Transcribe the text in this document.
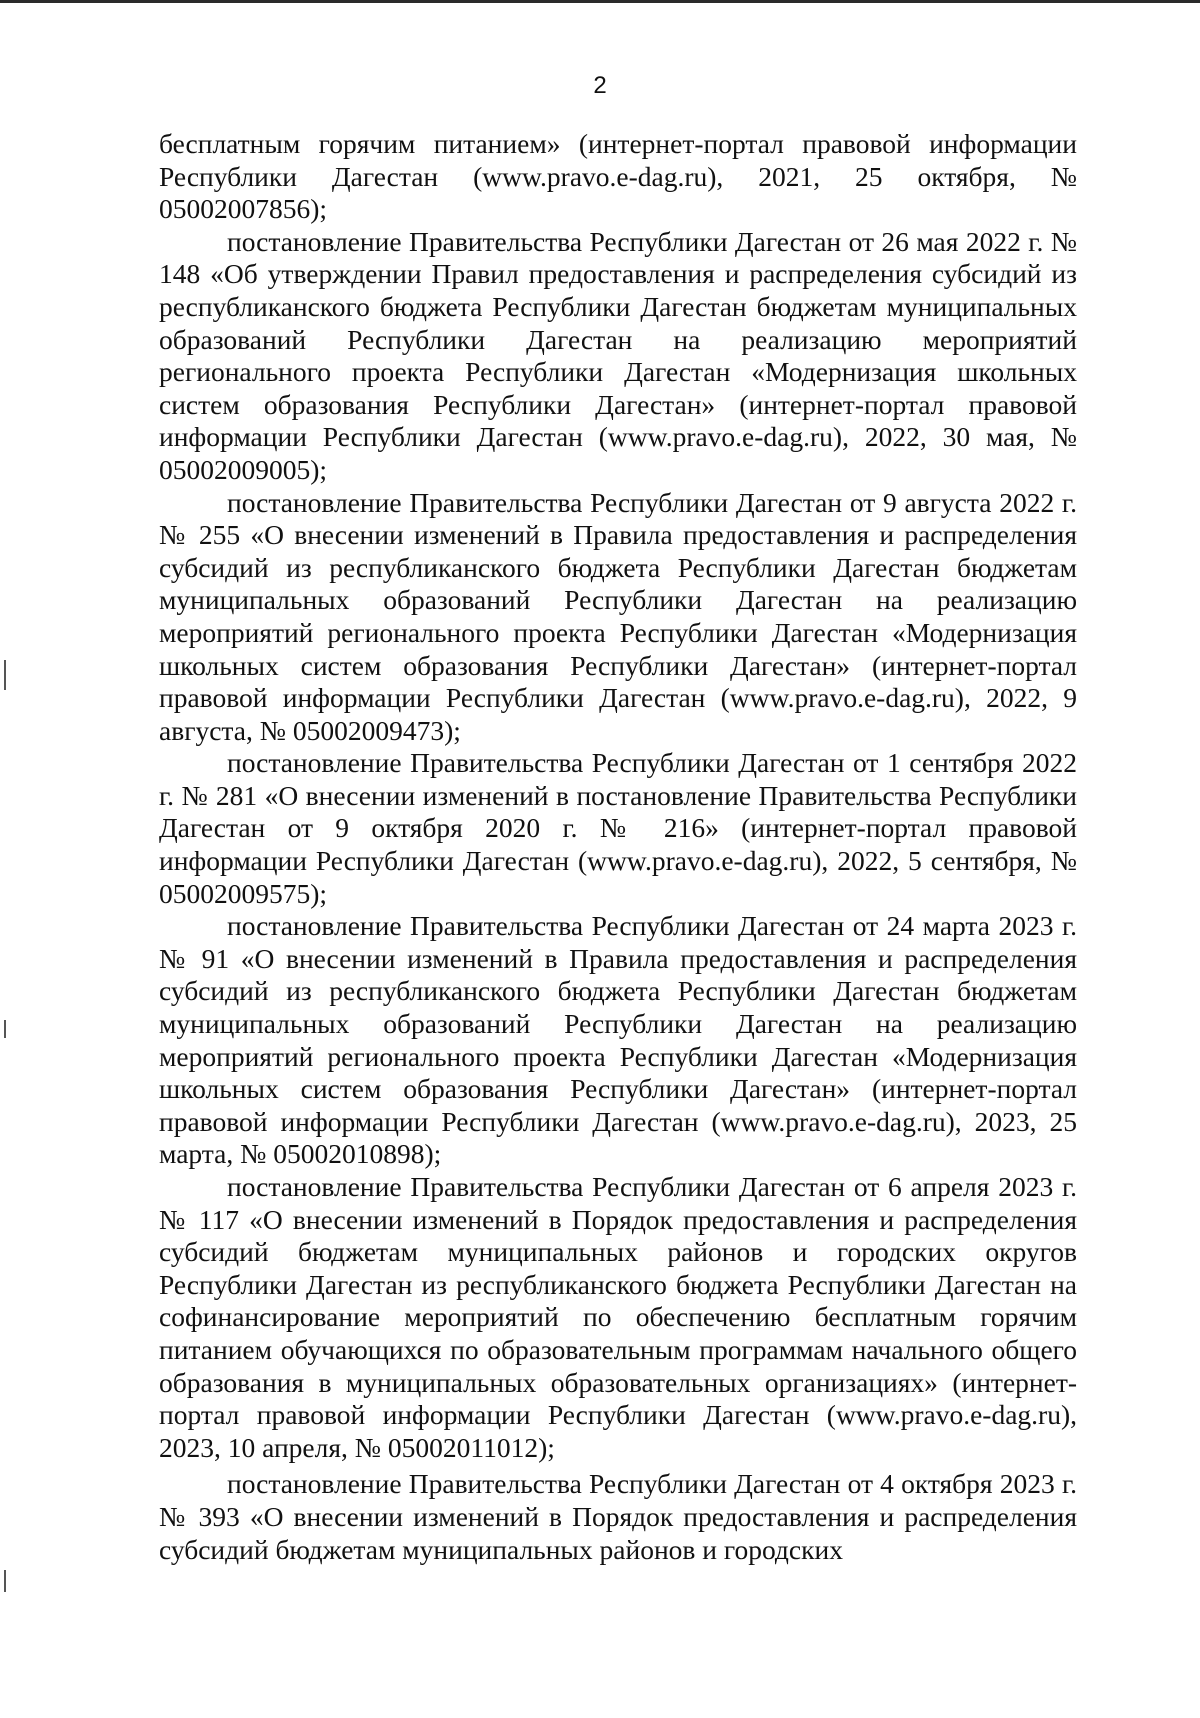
2

бесплатным горячим питанием» (интернет-портал правовой информации Республики Дагестан (www.pravo.e-dag.ru), 2021, 25 октября, № 05002007856);

постановление Правительства Республики Дагестан от 26 мая 2022 г. № 148 «Об утверждении Правил предоставления и распределения субсидий из республиканского бюджета Республики Дагестан бюджетам муниципальных образований Республики Дагестан на реализацию мероприятий регионального проекта Республики Дагестан «Модернизация школьных систем образования Республики Дагестан» (интернет-портал правовой информации Республики Дагестан (www.pravo.e-dag.ru), 2022, 30 мая, № 05002009005);

постановление Правительства Республики Дагестан от 9 августа 2022 г. № 255 «О внесении изменений в Правила предоставления и распределения субсидий из республиканского бюджета Республики Дагестан бюджетам муниципальных образований Республики Дагестан на реализацию мероприятий регионального проекта Республики Дагестан «Модернизация школьных систем образования Республики Дагестан» (интернет-портал правовой информации Республики Дагестан (www.pravo.e-dag.ru), 2022, 9 августа, № 05002009473);

постановление Правительства Республики Дагестан от 1 сентября 2022 г. № 281 «О внесении изменений в постановление Правительства Республики Дагестан от 9 октября 2020 г. № 216» (интернет-портал правовой информации Республики Дагестан (www.pravo.e-dag.ru), 2022, 5 сентября, № 05002009575);

постановление Правительства Республики Дагестан от 24 марта 2023 г. № 91 «О внесении изменений в Правила предоставления и распределения субсидий из республиканского бюджета Республики Дагестан бюджетам муниципальных образований Республики Дагестан на реализацию мероприятий регионального проекта Республики Дагестан «Модернизация школьных систем образования Республики Дагестан» (интернет-портал правовой информации Республики Дагестан (www.pravo.e-dag.ru), 2023, 25 марта, № 05002010898);

постановление Правительства Республики Дагестан от 6 апреля 2023 г. № 117 «О внесении изменений в Порядок предоставления и распределения субсидий бюджетам муниципальных районов и городских округов Республики Дагестан из республиканского бюджета Республики Дагестан на софинансирование мероприятий по обеспечению бесплатным горячим питанием обучающихся по образовательным программам начального общего образования в муниципальных образовательных организациях» (интернет-портал правовой информации Республики Дагестан (www.pravo.e-dag.ru), 2023, 10 апреля, № 05002011012);

постановление Правительства Республики Дагестан от 4 октября 2023 г. № 393 «О внесении изменений в Порядок предоставления и распределения субсидий бюджетам муниципальных районов и городских
